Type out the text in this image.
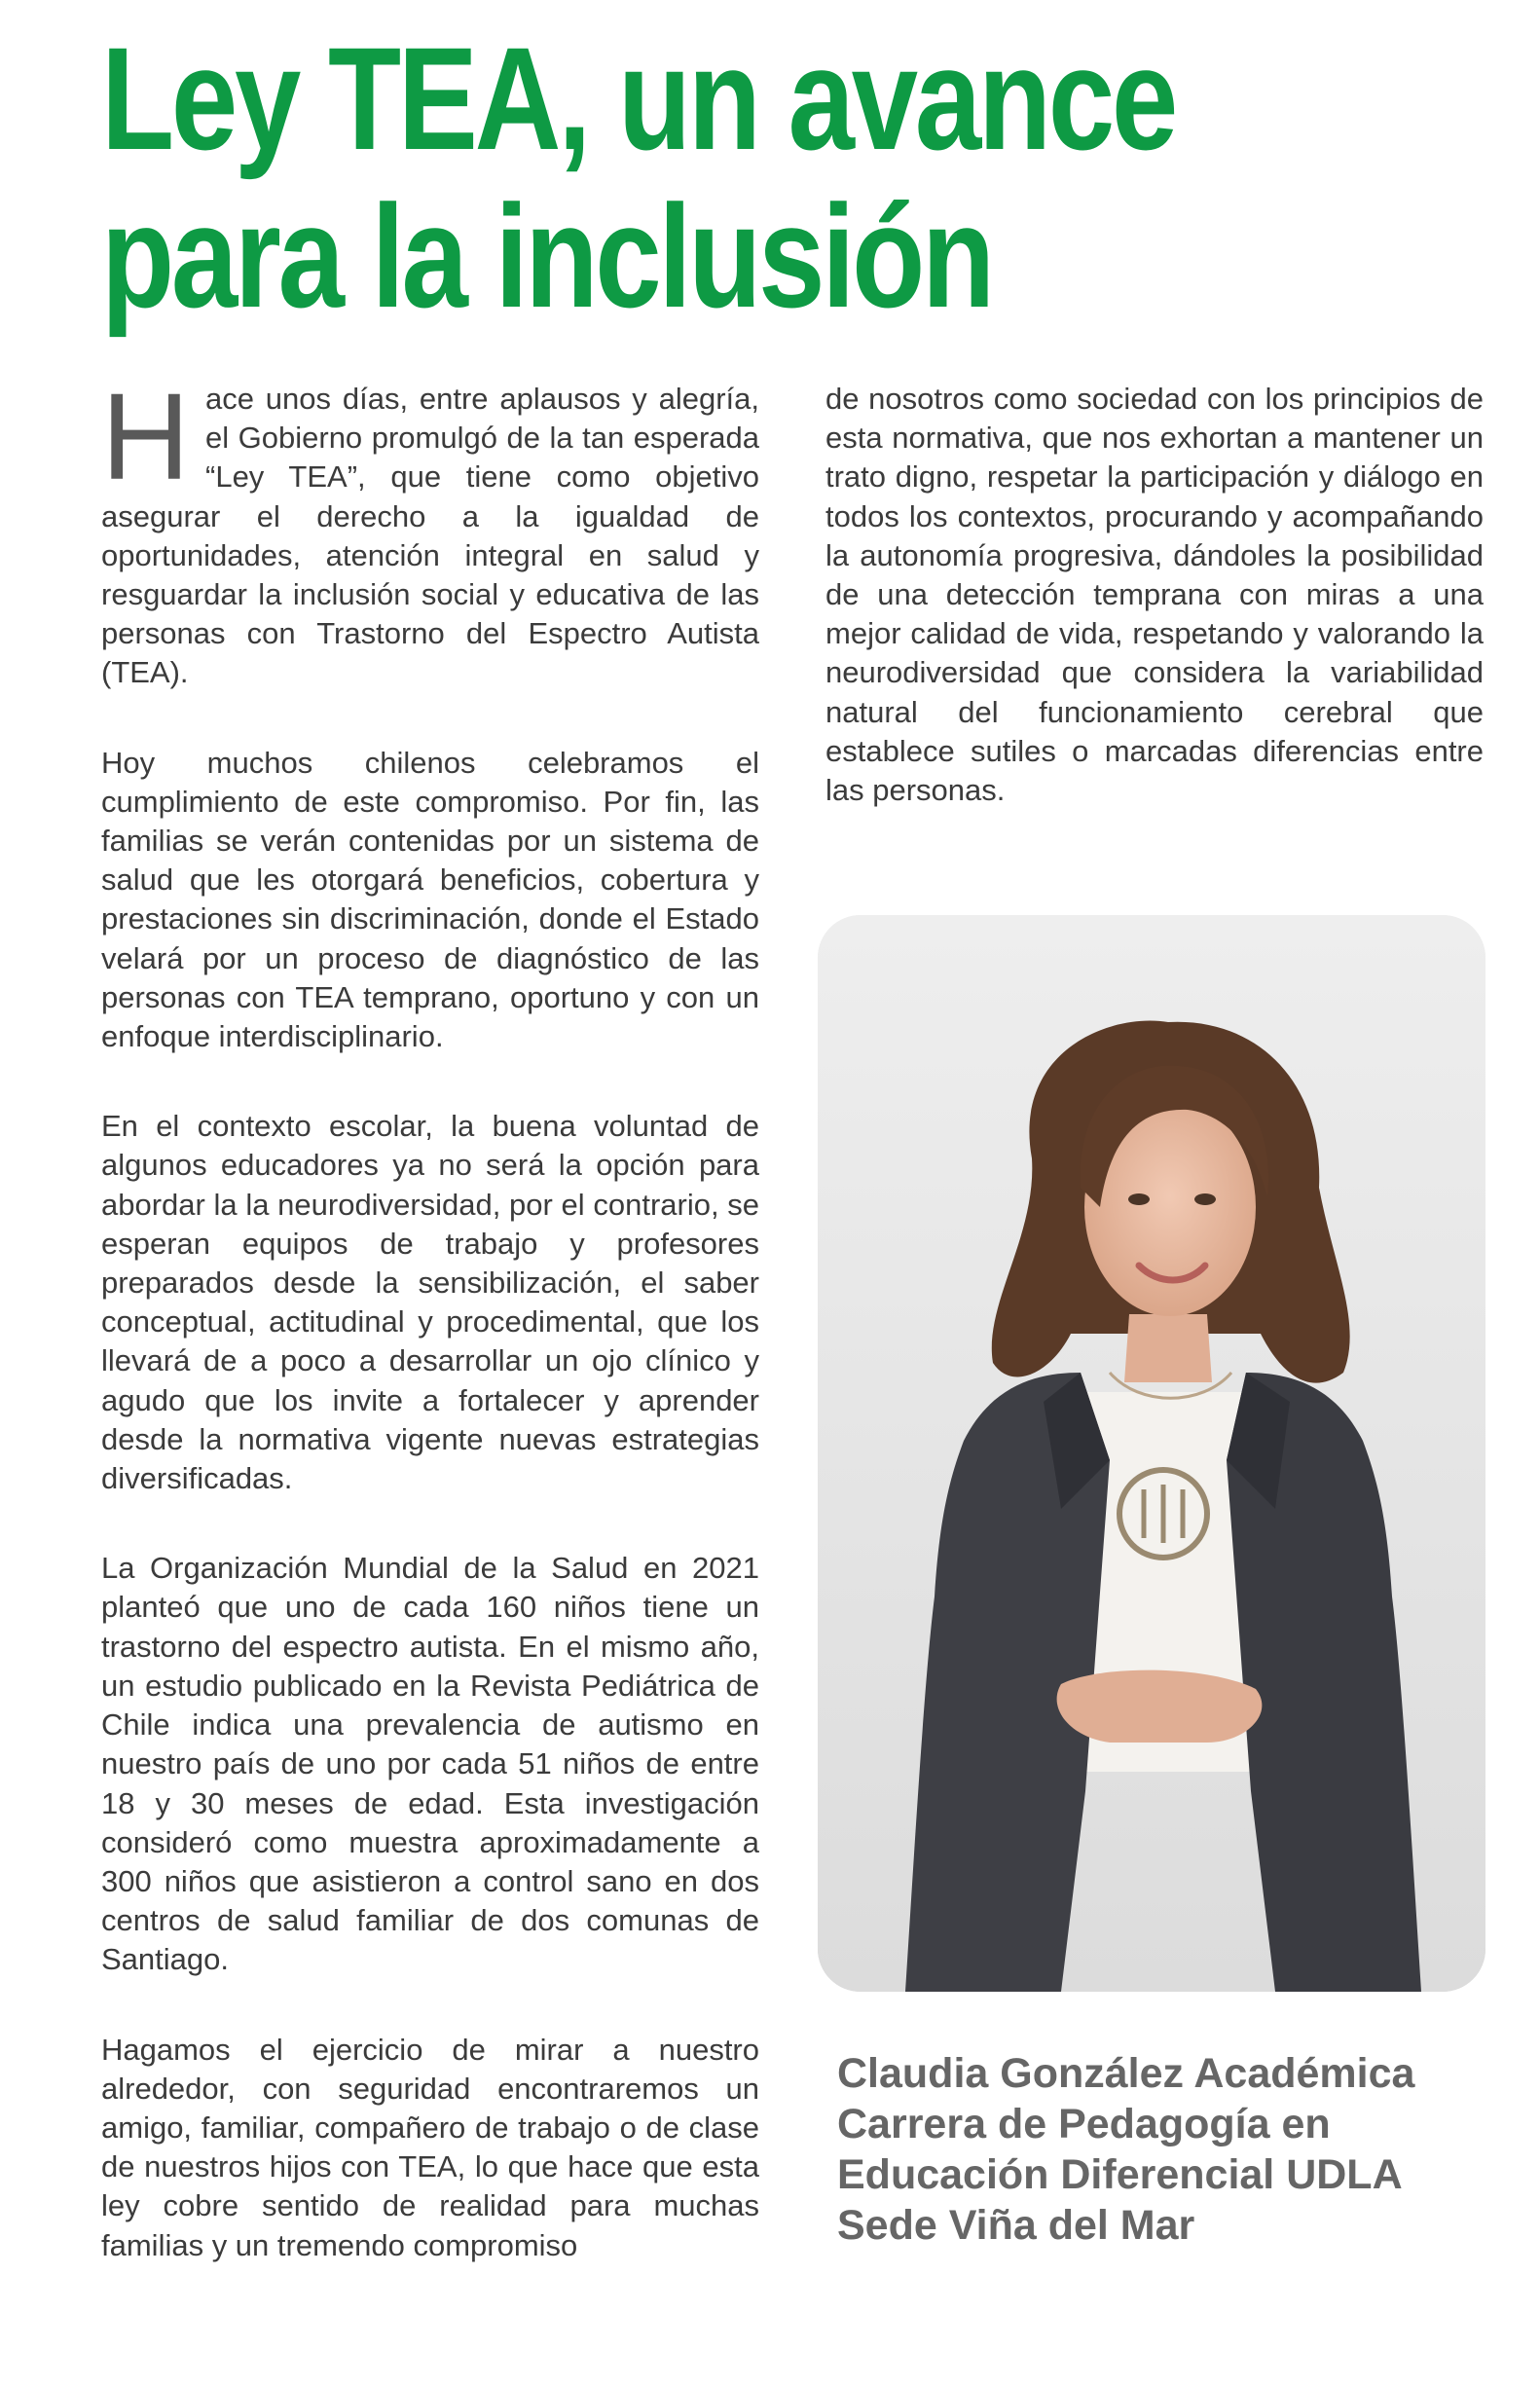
Ley TEA, un avance
para la inclusión

Hace unos días, entre aplausos y alegría, el Gobierno promulgó de la tan esperada “Ley TEA”, que tiene como objetivo asegurar el derecho a la igualdad de oportunidades, atención integral en salud y resguardar la inclusión social y educativa de las personas con Trastorno del Espectro Autista (TEA).

Hoy muchos chilenos celebramos el cumplimiento de este compromiso. Por fin, las familias se verán contenidas por un sistema de salud que les otorgará beneficios, cobertura y prestaciones sin discriminación, donde el Estado velará por un proceso de diagnóstico de las personas con TEA temprano, oportuno y con un enfoque interdisciplinario.

En el contexto escolar, la buena voluntad de algunos educadores ya no será la opción para abordar la la neurodiversidad, por el contrario, se esperan equipos de trabajo y profesores preparados desde la sensibilización, el saber conceptual, actitudinal y procedimental, que los llevará de a poco a desarrollar un ojo clínico y agudo que los invite a fortalecer y aprender desde la normativa vigente nuevas estrategias diversificadas.

La Organización Mundial de la Salud en 2021 planteó que uno de cada 160 niños tiene un trastorno del espectro autista. En el mismo año, un estudio publicado en la Revista Pediátrica de Chile indica una prevalencia de autismo en nuestro país de uno por cada 51 niños de entre 18 y 30 meses de edad. Esta investigación consideró como muestra aproximadamente a 300 niños que asistieron a control sano en dos centros de salud familiar de dos comunas de Santiago.

Hagamos el ejercicio de mirar a nuestro alrededor, con seguridad encontraremos un amigo, familiar, compañero de trabajo o de clase de nuestros hijos con TEA, lo que hace que esta ley cobre sentido de realidad para muchas familias y un tremendo compromiso

de nosotros como sociedad con los principios de esta normativa, que nos exhortan a mantener un trato digno, respetar la participación y diálogo en todos los contextos, procurando y acompañando la autonomía progresiva, dándoles la posibilidad de una detección temprana con miras a una mejor calidad de vida, respetando y valorando la neurodiversidad que considera la variabilidad natural del funcionamiento cerebral que establece sutiles o marcadas diferencias entre las personas.

Claudia González Académica
Carrera de Pedagogía en
Educación Diferencial UDLA
Sede Viña del Mar
